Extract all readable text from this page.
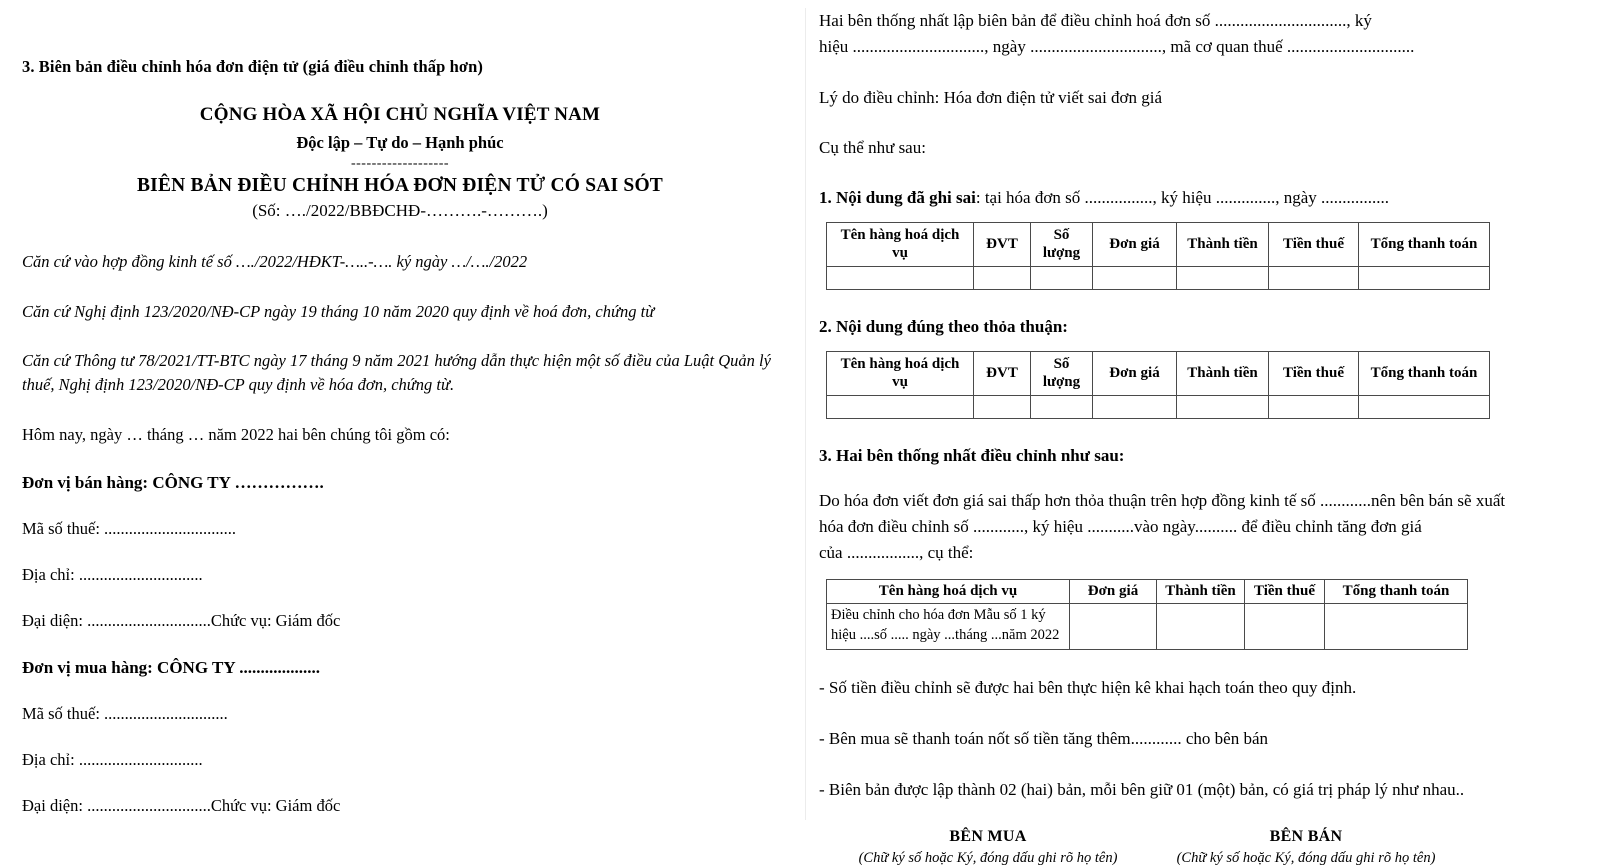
3. Biên bản điều chỉnh hóa đơn điện tử (giá điều chỉnh thấp hơn)

CỘNG HÒA XÃ HỘI CHỦ NGHĨA VIỆT NAM

Độc lập – Tự do – Hạnh phúc

-------------------

BIÊN BẢN ĐIỀU CHỈNH HÓA ĐƠN ĐIỆN TỬ CÓ SAI SÓT

(Số: …./2022/BBĐCHĐ-……….-……….)

Căn cứ vào hợp đồng kinh tế số …./2022/HĐKT-…..-…. ký ngày …/…./2022

Căn cứ Nghị định 123/2020/NĐ-CP ngày 19 tháng 10 năm 2020 quy định về hoá đơn, chứng từ

Căn cứ Thông tư 78/2021/TT-BTC ngày 17 tháng 9 năm 2021 hướng dẫn thực hiện một số điều của Luật Quản lý thuế, Nghị định 123/2020/NĐ-CP quy định về hóa đơn, chứng từ.

Hôm nay, ngày … tháng … năm 2022 hai bên chúng tôi gồm có:

Đơn vị bán hàng: CÔNG TY …………….

Mã số thuế: ................................

Địa chỉ: ..............................

Đại diện: ..............................Chức vụ: Giám đốc

Đơn vị mua hàng: CÔNG TY ...................

Mã số thuế: ..............................

Địa chỉ: ..............................

Đại diện: ..............................Chức vụ: Giám đốc

Hai bên thống nhất lập biên bản để điều chỉnh hoá đơn số ..............................., ký

hiệu ..............................., ngày ..............................., mã cơ quan thuế ..............................

Lý do điều chỉnh: Hóa đơn điện tử viết sai đơn giá

Cụ thể như sau:

1. Nội dung đã ghi sai: tại hóa đơn số ................, ký hiệu .............., ngày ................

Tên hàng hoá dịch vụ	ĐVT	Số lượng	Đơn giá	Thành tiền	Tiền thuế	Tổng thanh toán

2. Nội dung đúng theo thỏa thuận:

Tên hàng hoá dịch vụ	ĐVT	Số lượng	Đơn giá	Thành tiền	Tiền thuế	Tổng thanh toán

3. Hai bên thống nhất điều chỉnh như sau:

Do hóa đơn viết đơn giá sai thấp hơn thỏa thuận trên hợp đồng kinh tế số ............nên bên bán sẽ xuất

hóa đơn điều chỉnh số ............, ký hiệu ...........vào ngày.......... để điều chỉnh tăng đơn giá

của ................., cụ thể:

Tên hàng hoá dịch vụ	Đơn giá	Thành tiền	Tiền thuế	Tổng thanh toán
Điều chỉnh cho hóa đơn Mẫu số 1 ký hiệu ....số ..... ngày ...tháng ...năm 2022				

- Số tiền điều chỉnh sẽ được hai bên thực hiện kê khai hạch toán theo quy định.

- Bên mua sẽ thanh toán nốt số tiền tăng thêm............ cho bên bán

- Biên bản được lập thành 02 (hai) bản, mỗi bên giữ 01 (một) bản, có giá trị pháp lý như nhau..

BÊN MUA

(Chữ ký số hoặc Ký, đóng dấu ghi rõ họ tên)

BÊN BÁN

(Chữ ký số hoặc Ký, đóng dấu ghi rõ họ tên)
